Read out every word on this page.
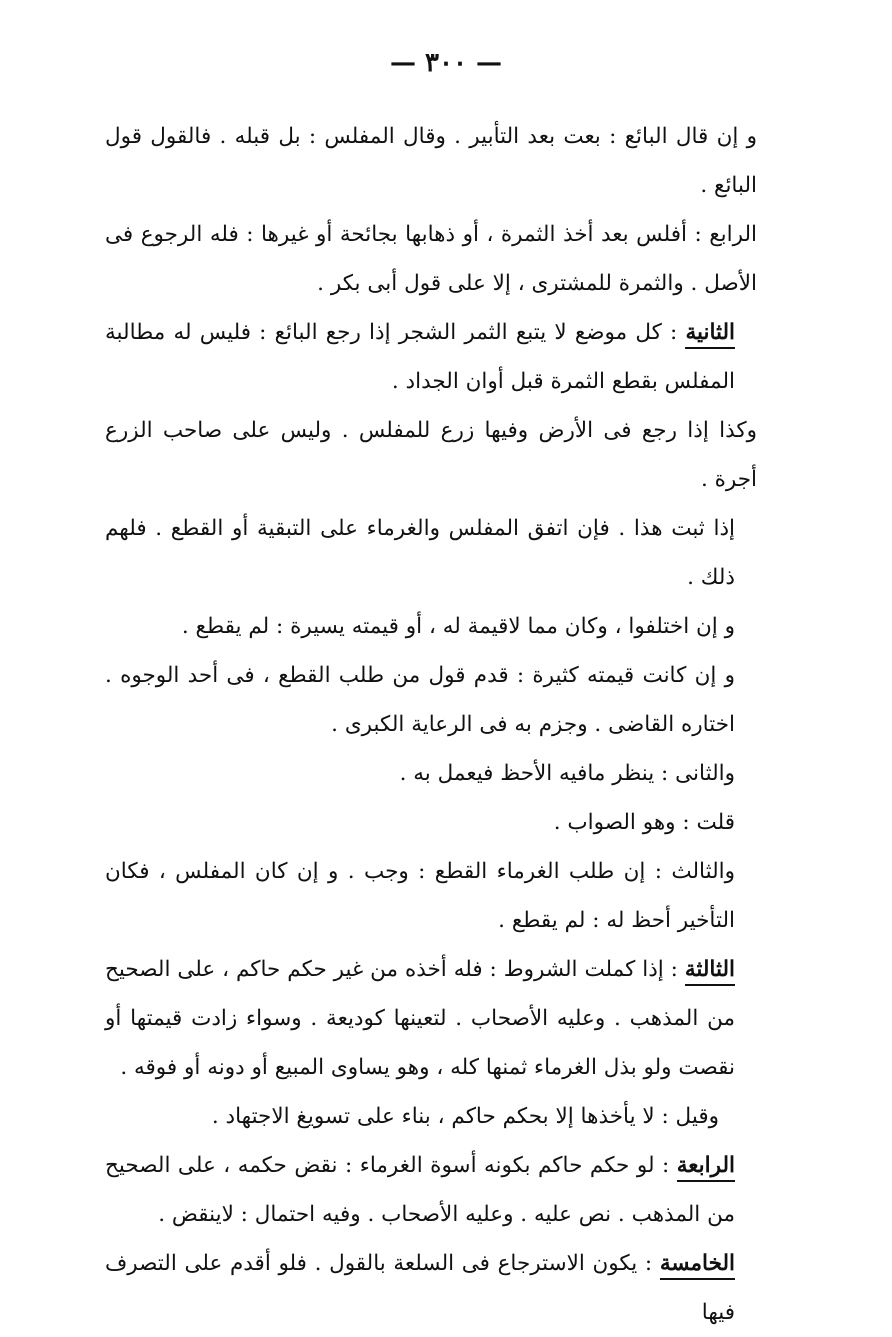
— ٣٠٠ —

و إن قال البائع : بعت بعد التأبير . وقال المفلس : بل قبله . فالقول قول البائع .

الرابع : أفلس بعد أخذ الثمرة ، أو ذهابها بجائحة أو غيرها : فله الرجوع فى الأصل . والثمرة للمشترى ، إلا على قول أبى بكر .

الثانية : كل موضع لا يتبع الثمر الشجر إذا رجع البائع : فليس له مطالبة المفلس بقطع الثمرة قبل أوان الجداد .

وكذا إذا رجع فى الأرض وفيها زرع للمفلس . وليس على صاحب الزرع أجرة .

إذا ثبت هذا . فإن اتفق المفلس والغرماء على التبقية أو القطع . فلهم ذلك .

و إن اختلفوا ، وكان مما لاقيمة له ، أو قيمته يسيرة : لم يقطع .

و إن كانت قيمته كثيرة : قدم قول من طلب القطع ، فى أحد الوجوه . اختاره القاضى . وجزم به فى الرعاية الكبرى .

والثانى : ينظر مافيه الأحظ فيعمل به .

قلت : وهو الصواب .

والثالث : إن طلب الغرماء القطع : وجب . و إن كان المفلس ، فكان التأخير أحظ له : لم يقطع .

الثالثة : إذا كملت الشروط : فله أخذه من غير حكم حاكم ، على الصحيح من المذهب . وعليه الأصحاب . لتعينها كوديعة . وسواء زادت قيمتها أو نقصت ولو بذل الغرماء ثمنها كله ، وهو يساوى المبيع أو دونه أو فوقه .

وقيل : لا يأخذها إلا بحكم حاكم ، بناء على تسويغ الاجتهاد .

الرابعة : لو حكم حاكم بكونه أسوة الغرماء : نقض حكمه ، على الصحيح من المذهب . نص عليه . وعليه الأصحاب . وفيه احتمال : لاينقض .

الخامسة : يكون الاسترجاع فى السلعة بالقول . فلو أقدم على التصرف فيها
